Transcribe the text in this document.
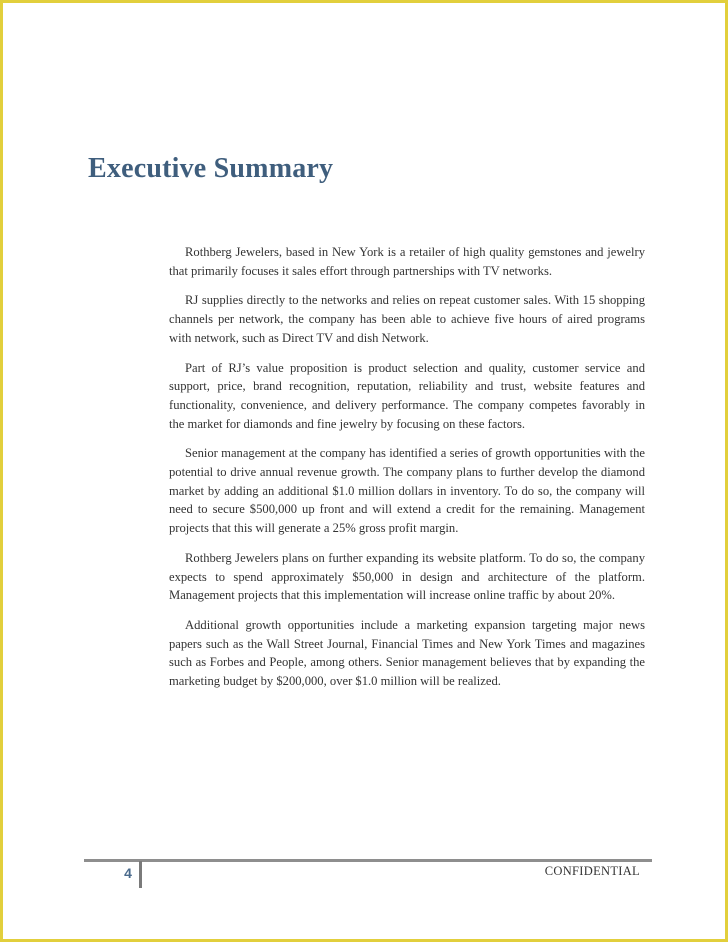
Executive Summary

Rothberg Jewelers, based in New York is a retailer of high quality gemstones and jewelry that primarily focuses it sales effort through partnerships with TV networks.

RJ supplies directly to the networks and relies on repeat customer sales. With 15 shopping channels per network, the company has been able to achieve five hours of aired programs with network, such as Direct TV and dish Network.

Part of RJ’s value proposition is product selection and quality, customer service and support, price, brand recognition, reputation, reliability and trust, website features and functionality, convenience, and delivery performance. The company competes favorably in the market for diamonds and fine jewelry by focusing on these factors.

Senior management at the company has identified a series of growth opportunities with the potential to drive annual revenue growth. The company plans to further develop the diamond market by adding an additional $1.0 million dollars in inventory. To do so, the company will need to secure $500,000 up front and will extend a credit for the remaining. Management projects that this will generate a 25% gross profit margin.

Rothberg Jewelers plans on further expanding its website platform. To do so, the company expects to spend approximately $50,000 in design and architecture of the platform. Management projects that this implementation will increase online traffic by about 20%.

Additional growth opportunities include a marketing expansion targeting major news papers such as the Wall Street Journal, Financial Times and New York Times and magazines such as Forbes and People, among others. Senior management believes that by expanding the marketing budget by $200,000, over $1.0 million will be realized.

4	CONFIDENTIAL
